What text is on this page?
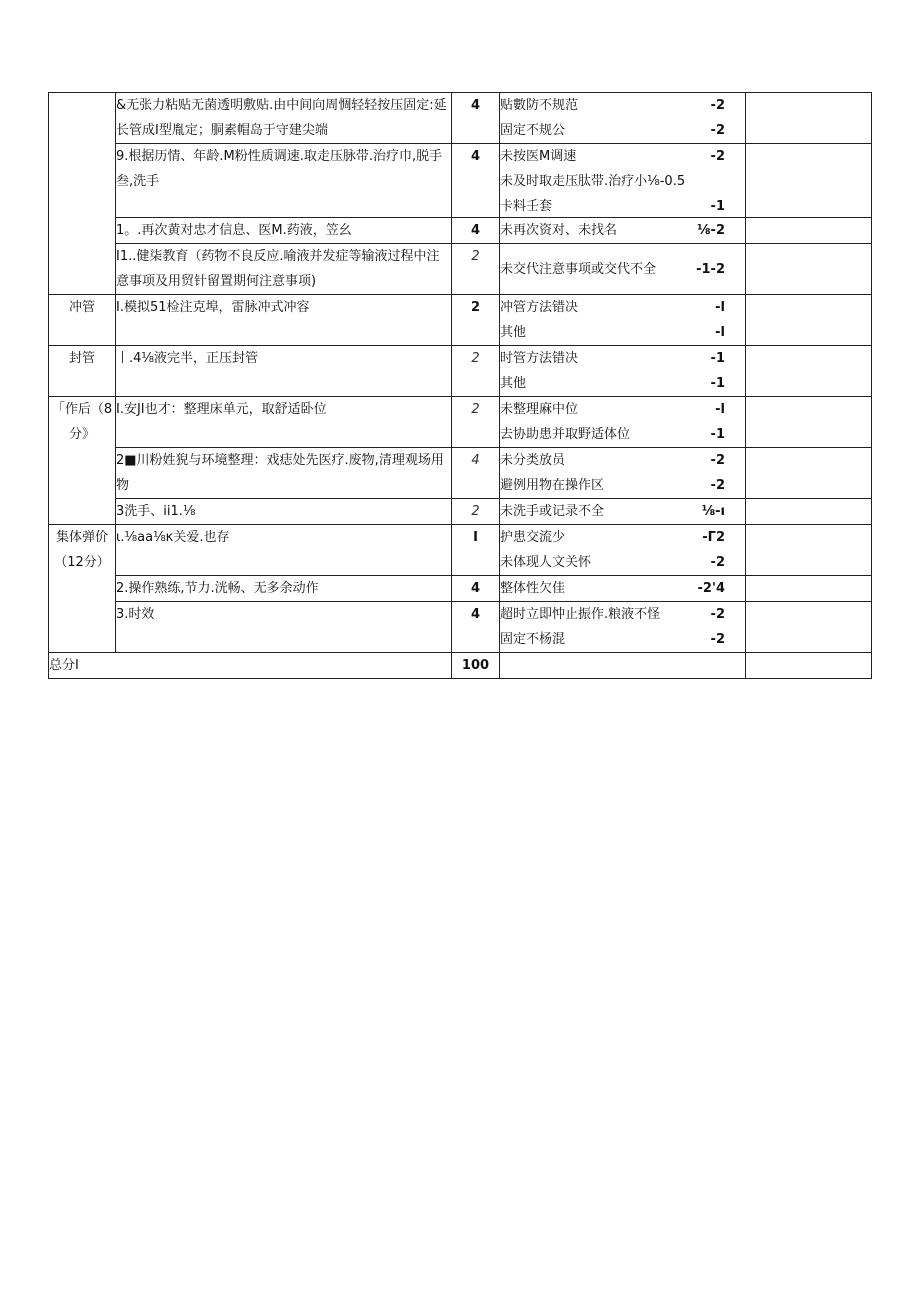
	&无张力粘贴无菌透明敷贴.由中间向周惆轻轻按压固定:延长管成I型胤定；胴素帽岛于守建尖端	4	贴數防不规范 -2
固定不规公 -2	

	9.根据历情、年龄.M粉性质调速.取走压脉带.治疗巾,脱手叁,洗手	4	未按医M调速 -2
未及时取走压肽带.治疗小⅛-0.5
卡料壬套 -1	

	1。.再次黄对忠才信息、医M.药液，笠幺	4	未再次资对、未找名 ⅛-2	

	I1..健柒教育（药物不良反应.喻液并发症等输液过程中注意事项及用贸针留置期何注意事项)	2	未交代注意事项或交代不全 -1-2	

冲管	I.模拟51检注克埠，雷脉冲式冲容	2	冲管方法错决 -l
其他 -l	

封管	丨.4⅛液完半，正压封管	2	时管方法错决 -1
其他 -1	

「作后（8分》	I.安JI也才：整理床单元，取舒适卧位	2	未整理麻中位 -l
去协助患并取野适体位 -1	

	2■川粉姓猊与环境整理：戏痣处先医疗.废物,清理观场用物	4	未分类放员 -2
避例用物在操作区 -2	

	3洗手、ii1.⅛	2	未洗手或记录不全 ⅛-ı	

集体弹价（12分）	ι.⅛aa⅛κ关爱.也存	I	护患交流少 -Γ2
未体现人文关怀 -2	

	2.操作熟练,节力.洸畅、无多余动作	4	整体性欠佳 -2'4	

	3.时效	4	超时立即忡止振作.粮液不怪 -2
固定不杨混 -2	

总分I		100		
